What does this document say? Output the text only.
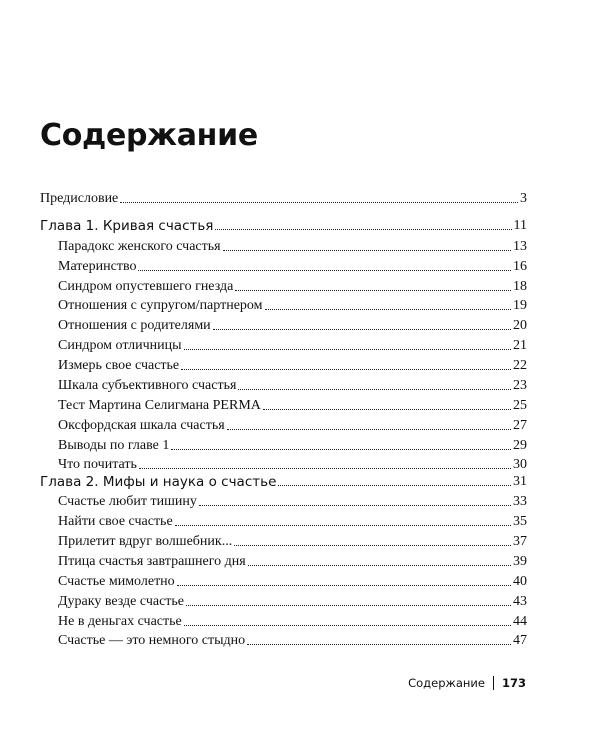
Содержание
Предисловие	3
Глава 1. Кривая счастья	11
Парадокс женского счастья	13
Материнство	16
Синдром опустевшего гнезда	18
Отношения с супругом/партнером	19
Отношения с родителями	20
Синдром отличницы	21
Измерь свое счастье	22
Шкала субъективного счастья	23
Тест Мартина Селигмана PERMA	25
Оксфордская шкала счастья	27
Выводы по главе 1	29
Что почитать	30
Глава 2. Мифы и наука о счастье	31
Счастье любит тишину	33
Найти свое счастье	35
Прилетит вдруг волшебник...	37
Птица счастья завтрашнего дня	39
Счастье мимолетно	40
Дураку везде счастье	43
Не в деньгах счастье	44
Счастье — это немного стыдно	47
Содержание 173
